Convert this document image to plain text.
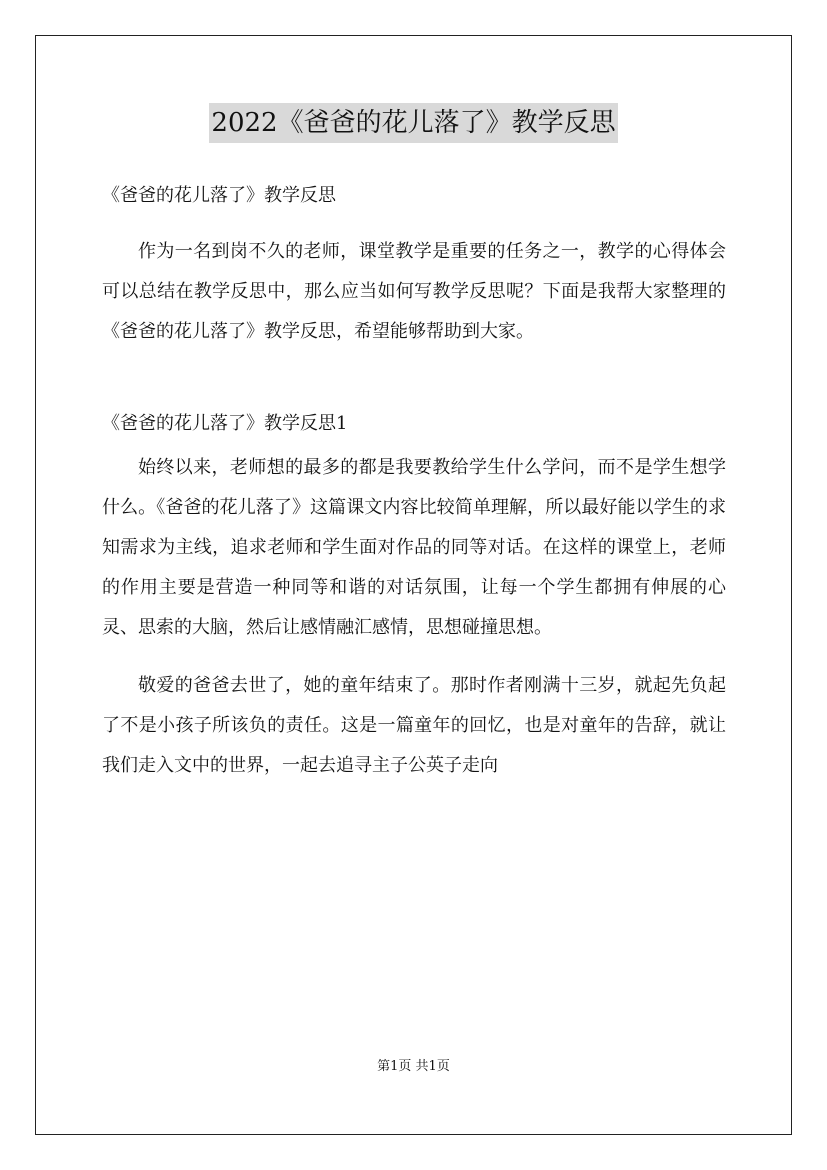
2022《爸爸的花儿落了》教学反思

《爸爸的花儿落了》教学反思

作为一名到岗不久的老师，课堂教学是重要的任务之一，教学的心得体会可以总结在教学反思中，那么应当如何写教学反思呢？下面是我帮大家整理的《爸爸的花儿落了》教学反思，希望能够帮助到大家。

《爸爸的花儿落了》教学反思1

始终以来，老师想的最多的都是我要教给学生什么学问，而不是学生想学什么。《爸爸的花儿落了》这篇课文内容比较简单理解，所以最好能以学生的求知需求为主线，追求老师和学生面对作品的同等对话。在这样的课堂上，老师的作用主要是营造一种同等和谐的对话氛围，让每一个学生都拥有伸展的心灵、思索的大脑，然后让感情融汇感情，思想碰撞思想。

敬爱的爸爸去世了，她的童年结束了。那时作者刚满十三岁，就起先负起了不是小孩子所该负的责任。这是一篇童年的回忆，也是对童年的告辞，就让我们走入文中的世界，一起去追寻主子公英子走向

第1页 共1页
